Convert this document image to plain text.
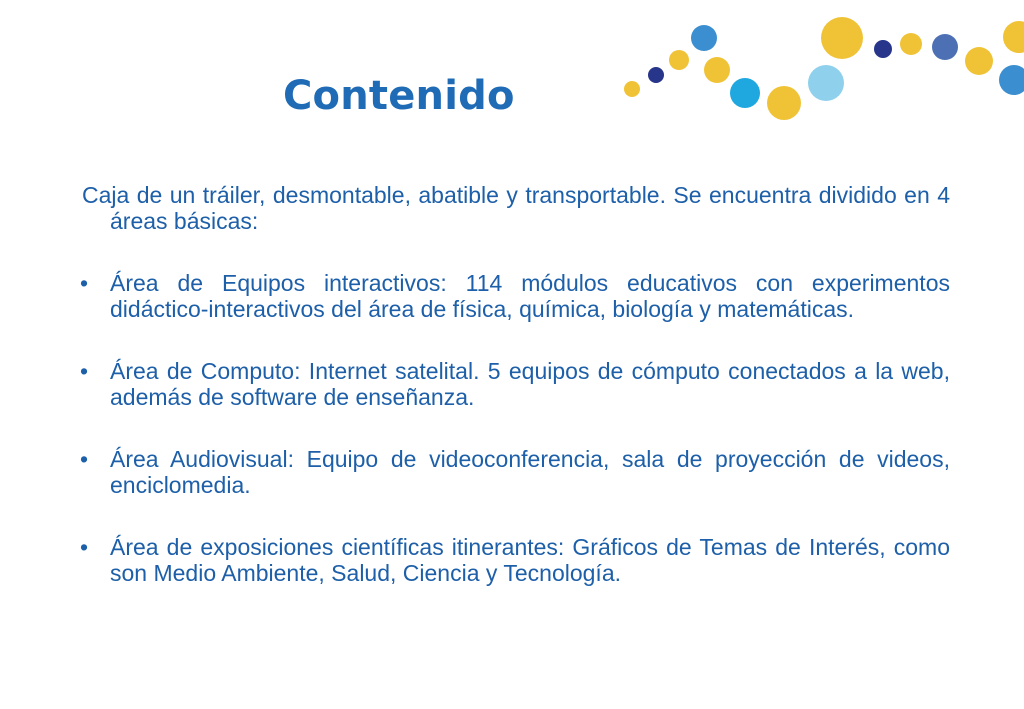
Contenido

Caja de un tráiler, desmontable, abatible y transportable. Se encuentra dividido en 4 áreas básicas:

• Área de Equipos interactivos: 114 módulos educativos con experimentos didáctico-interactivos del área de física, química, biología y matemáticas.
• Área de Computo: Internet satelital. 5 equipos de cómputo conectados a la web, además de software de enseñanza.
• Área Audiovisual: Equipo de videoconferencia, sala de proyección de videos, enciclomedia.
• Área de exposiciones científicas itinerantes: Gráficos de Temas de Interés, como son Medio Ambiente, Salud, Ciencia y Tecnología.
